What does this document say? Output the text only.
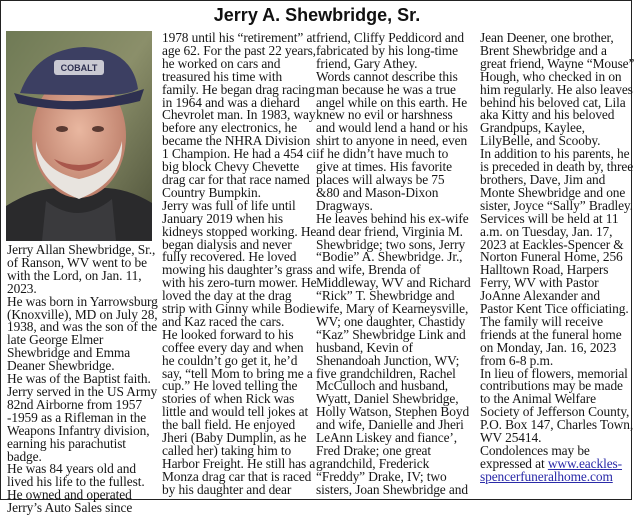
Jerry A. Shewbridge, Sr.
COBALT
Jerry Allan Shewbridge, Sr.,
of Ranson, WV went to be
with the Lord, on Jan. 11,
2023.
He was born in Yarrowsburg
(Knoxville), MD on July 28,
1938, and was the son of the
late George Elmer
Shewbridge and Emma
Deaner Shewbridge.
He was of the Baptist faith.
Jerry served in the US Army
82nd Airborne from 1957
-1959 as a Rifleman in the
Weapons Infantry division,
earning his parachutist
badge.
He was 84 years old and
lived his life to the fullest.
He owned and operated
Jerry’s Auto Sales since
1978 until his “retirement” at
age 62. For the past 22 years,
he worked on cars and
treasured his time with
family. He began drag racing
in 1964 and was a diehard
Chevrolet man. In 1983, way
before any electronics, he
became the NHRA Division
1 Champion. He had a 454 ci
big block Chevy Chevette
drag car for that race named
Country Bumpkin.
Jerry was full of life until
January 2019 when his
kidneys stopped working. He
began dialysis and never
fully recovered. He loved
mowing his daughter’s grass
with his zero-turn mower. He
loved the day at the drag
strip with Ginny while Bodie
and Kaz raced the cars.
He looked forward to his
coffee every day and when
he couldn’t go get it, he’d
say, “tell Mom to bring me a
cup.” He loved telling the
stories of when Rick was
little and would tell jokes at
the ball field. He enjoyed
Jheri (Baby Dumplin, as he
called her) taking him to
Harbor Freight. He still has a
Monza drag car that is raced
by his daughter and dear
friend, Cliffy Peddicord and
fabricated by his long-time
friend, Gary Athey.
Words cannot describe this
man because he was a true
angel while on this earth. He
knew no evil or harshness
and would lend a hand or his
shirt to anyone in need, even
if he didn’t have much to
give at times. His favorite
places will always be 75
&80 and Mason-Dixon
Dragways.
He leaves behind his ex-wife
and dear friend, Virginia M.
Shewbridge; two sons, Jerry
“Bodie” A. Shewbridge. Jr.,
and wife, Brenda of
Middleway, WV and Richard
“Rick” T. Shewbridge and
wife, Mary of Kearneysville,
WV; one daughter, Chastidy
“Kaz” Shewbridge Link and
husband, Kevin of
Shenandoah Junction, WV;
five grandchildren, Rachel
McCulloch and husband,
Wyatt, Daniel Shewbridge,
Holly Watson, Stephen Boyd
and wife, Danielle and Jheri
LeAnn Liskey and fiance’,
Fred Drake; one great
grandchild, Frederick
“Freddy” Drake, IV; two
sisters, Joan Shewbridge and
Jean Deener, one brother,
Brent Shewbridge and a
great friend, Wayne “Mouse”
Hough, who checked in on
him regularly. He also leaves
behind his beloved cat, Lila
aka Kitty and his beloved
Grandpups, Kaylee,
LilyBelle, and Scooby.
In addition to his parents, he
is preceded in death by, three
brothers, Dave, Jim and
Monte Shewbridge and one
sister, Joyce “Sally” Bradley.
Services will be held at 11
a.m. on Tuesday, Jan. 17,
2023 at Eackles-Spencer &
Norton Funeral Home, 256
Halltown Road, Harpers
Ferry, WV with Pastor
JoAnne Alexander and
Pastor Kent Tice officiating.
The family will receive
friends at the funeral home
on Monday, Jan. 16, 2023
from 6-8 p.m.
In lieu of flowers, memorial
contributions may be made
to the Animal Welfare
Society of Jefferson County,
P.O. Box 147, Charles Town,
WV 25414.
Condolences may be
expressed at www.eackles-
spencerfuneralhome.com
